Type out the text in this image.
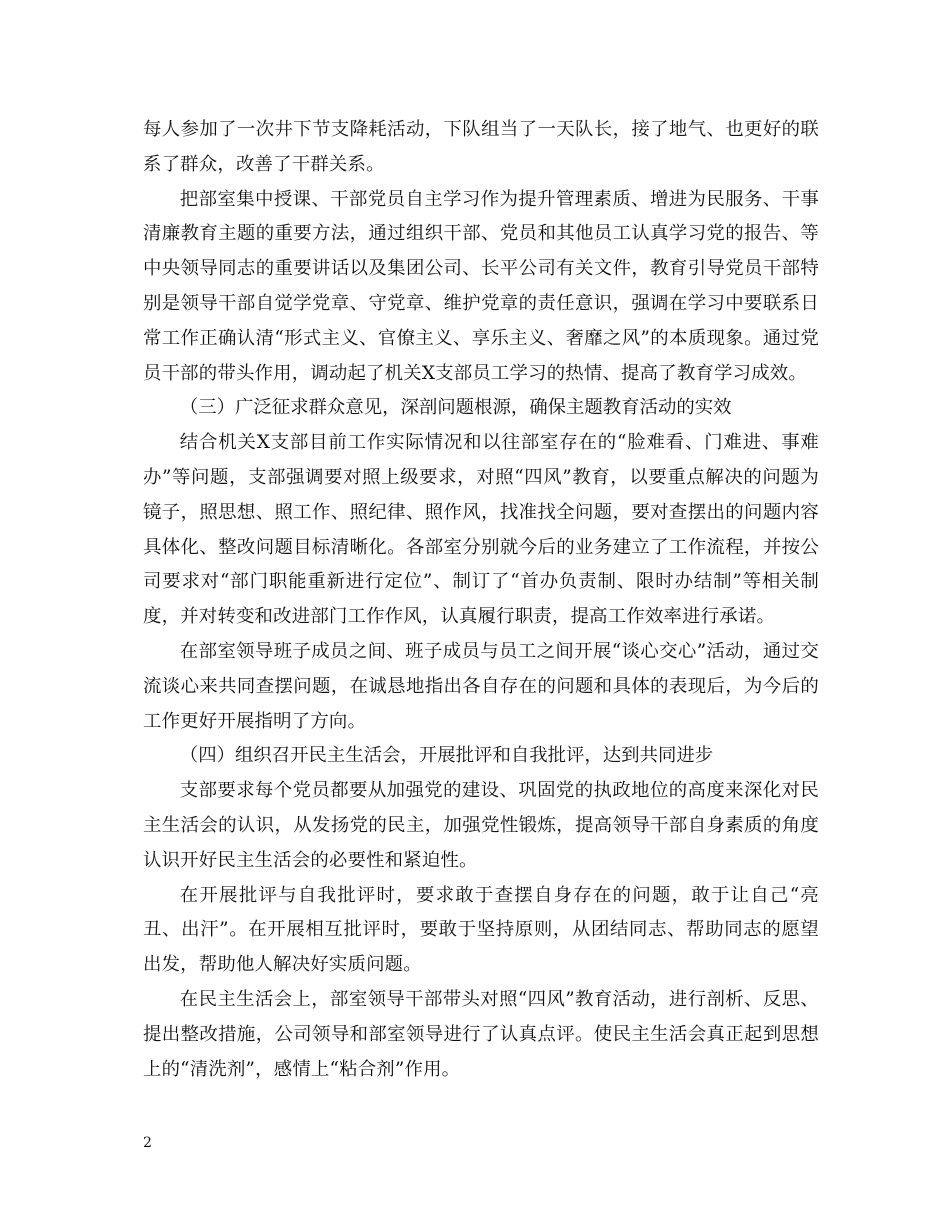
每人参加了一次井下节支降耗活动，下队组当了一天队长，接了地气、也更好的联系了群众，改善了干群关系。

把部室集中授课、干部党员自主学习作为提升管理素质、增进为民服务、干事清廉教育主题的重要方法，通过组织干部、党员和其他员工认真学习党的报告、等中央领导同志的重要讲话以及集团公司、长平公司有关文件，教育引导党员干部特别是领导干部自觉学党章、守党章、维护党章的责任意识，强调在学习中要联系日常工作正确认清“形式主义、官僚主义、享乐主义、奢靡之风”的本质现象。通过党员干部的带头作用，调动起了机关X支部员工学习的热情、提高了教育学习成效。

（三）广泛征求群众意见，深剖问题根源，确保主题教育活动的实效

结合机关X支部目前工作实际情况和以往部室存在的“脸难看、门难进、事难办”等问题，支部强调要对照上级要求，对照“四风”教育，以要重点解决的问题为镜子，照思想、照工作、照纪律、照作风，找准找全问题，要对查摆出的问题内容具体化、整改问题目标清晰化。各部室分别就今后的业务建立了工作流程，并按公司要求对“部门职能重新进行定位”、制订了“首办负责制、限时办结制”等相关制度，并对转变和改进部门工作作风，认真履行职责，提高工作效率进行承诺。

在部室领导班子成员之间、班子成员与员工之间开展“谈心交心”活动，通过交流谈心来共同查摆问题，在诚恳地指出各自存在的问题和具体的表现后，为今后的工作更好开展指明了方向。

（四）组织召开民主生活会，开展批评和自我批评，达到共同进步

支部要求每个党员都要从加强党的建设、巩固党的执政地位的高度来深化对民主生活会的认识，从发扬党的民主，加强党性锻炼，提高领导干部自身素质的角度认识开好民主生活会的必要性和紧迫性。

在开展批评与自我批评时，要求敢于查摆自身存在的问题，敢于让自己“亮丑、出汗”。在开展相互批评时，要敢于坚持原则，从团结同志、帮助同志的愿望出发，帮助他人解决好实质问题。

在民主生活会上，部室领导干部带头对照“四风”教育活动，进行剖析、反思、提出整改措施，公司领导和部室领导进行了认真点评。使民主生活会真正起到思想上的“清洗剂”，感情上“粘合剂”作用。

2
